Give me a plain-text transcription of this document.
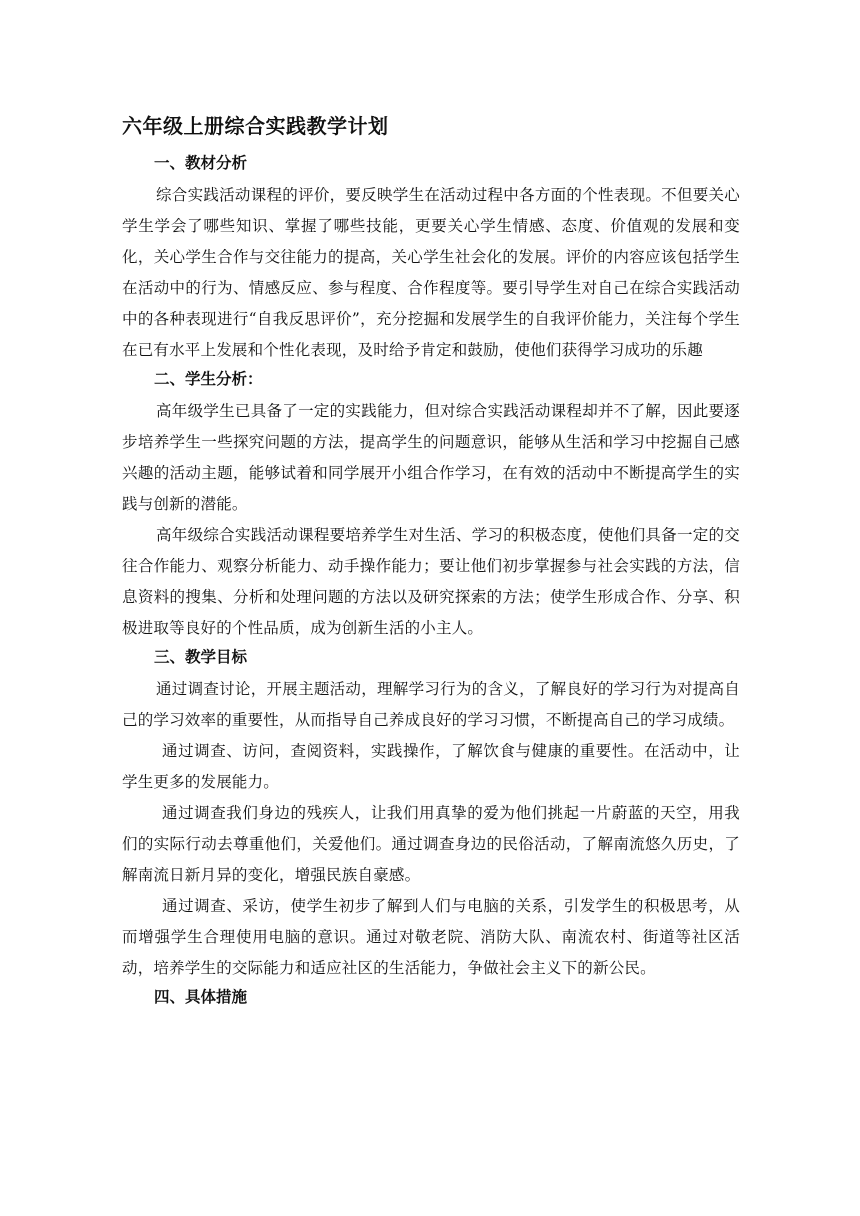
六年级上册综合实践教学计划
一、教材分析

综合实践活动课程的评价，要反映学生在活动过程中各方面的个性表现。不但要关心学生学会了哪些知识、掌握了哪些技能，更要关心学生情感、态度、价值观的发展和变化，关心学生合作与交往能力的提高，关心学生社会化的发展。评价的内容应该包括学生在活动中的行为、情感反应、参与程度、合作程度等。要引导学生对自己在综合实践活动中的各种表现进行“自我反思评价”，充分挖掘和发展学生的自我评价能力，关注每个学生在已有水平上发展和个性化表现，及时给予肯定和鼓励，使他们获得学习成功的乐趣

二、学生分析：

高年级学生已具备了一定的实践能力，但对综合实践活动课程却并不了解，因此要逐步培养学生一些探究问题的方法，提高学生的问题意识，能够从生活和学习中挖掘自己感兴趣的活动主题，能够试着和同学展开小组合作学习，在有效的活动中不断提高学生的实践与创新的潜能。

高年级综合实践活动课程要培养学生对生活、学习的积极态度，使他们具备一定的交往合作能力、观察分析能力、动手操作能力；要让他们初步掌握参与社会实践的方法，信息资料的搜集、分析和处理问题的方法以及研究探索的方法；使学生形成合作、分享、积极进取等良好的个性品质，成为创新生活的小主人。

三、教学目标

通过调查讨论，开展主题活动，理解学习行为的含义，了解良好的学习行为对提高自己的学习效率的重要性，从而指导自己养成良好的学习习惯，不断提高自己的学习成绩。

通过调查、访问，查阅资料，实践操作，了解饮食与健康的重要性。在活动中，让学生更多的发展能力。

通过调查我们身边的残疾人，让我们用真挚的爱为他们挑起一片蔚蓝的天空，用我们的实际行动去尊重他们，关爱他们。通过调查身边的民俗活动，了解南流悠久历史，了解南流日新月异的变化，增强民族自豪感。

通过调查、采访，使学生初步了解到人们与电脑的关系，引发学生的积极思考，从而增强学生合理使用电脑的意识。通过对敬老院、消防大队、南流农村、街道等社区活动，培养学生的交际能力和适应社区的生活能力，争做社会主义下的新公民。

四、具体措施
